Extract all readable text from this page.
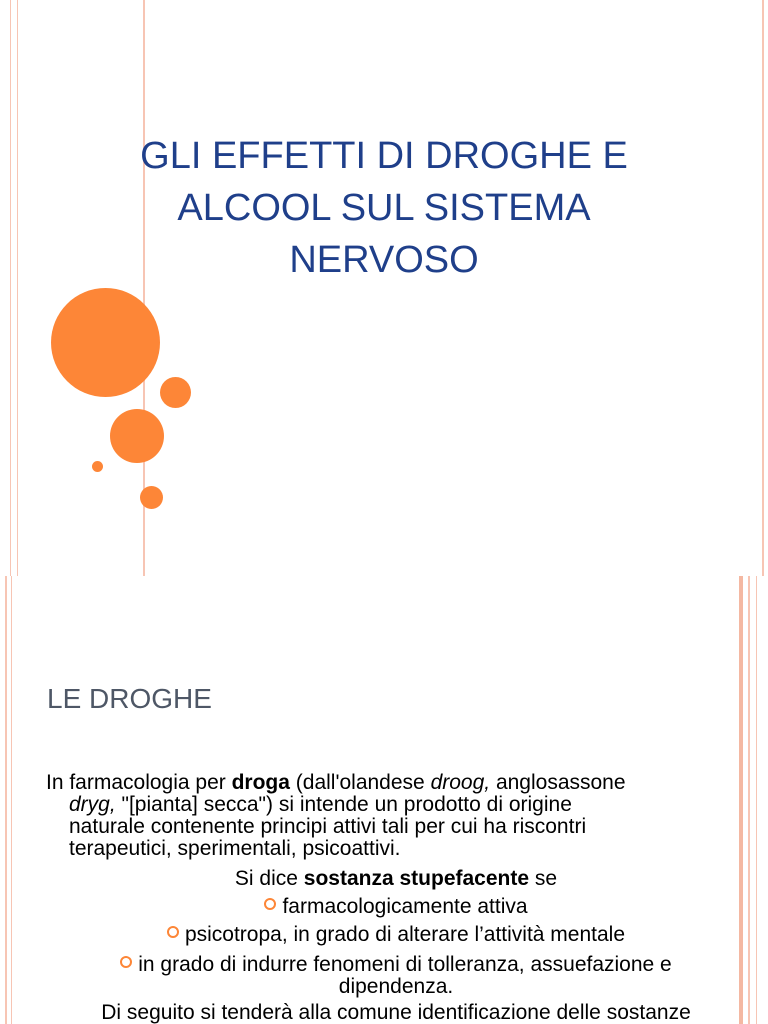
GLI EFFETTI DI DROGHE E
ALCOOL SUL SISTEMA
NERVOSO
LE DROGHE

In farmacologia per droga (dall'olandese droog, anglosassone
dryg, "[pianta] secca") si intende un prodotto di origine
naturale contenente principi attivi tali per cui ha riscontri
terapeutici, sperimentali, psicoattivi.

Si dice sostanza stupefacente se

farmacologicamente attiva

psicotropa, in grado di alterare l’attività mentale

in grado di indurre fenomeni di tolleranza, assuefazione e

dipendenza.

Di seguito si tenderà alla comune identificazione delle sostanze
